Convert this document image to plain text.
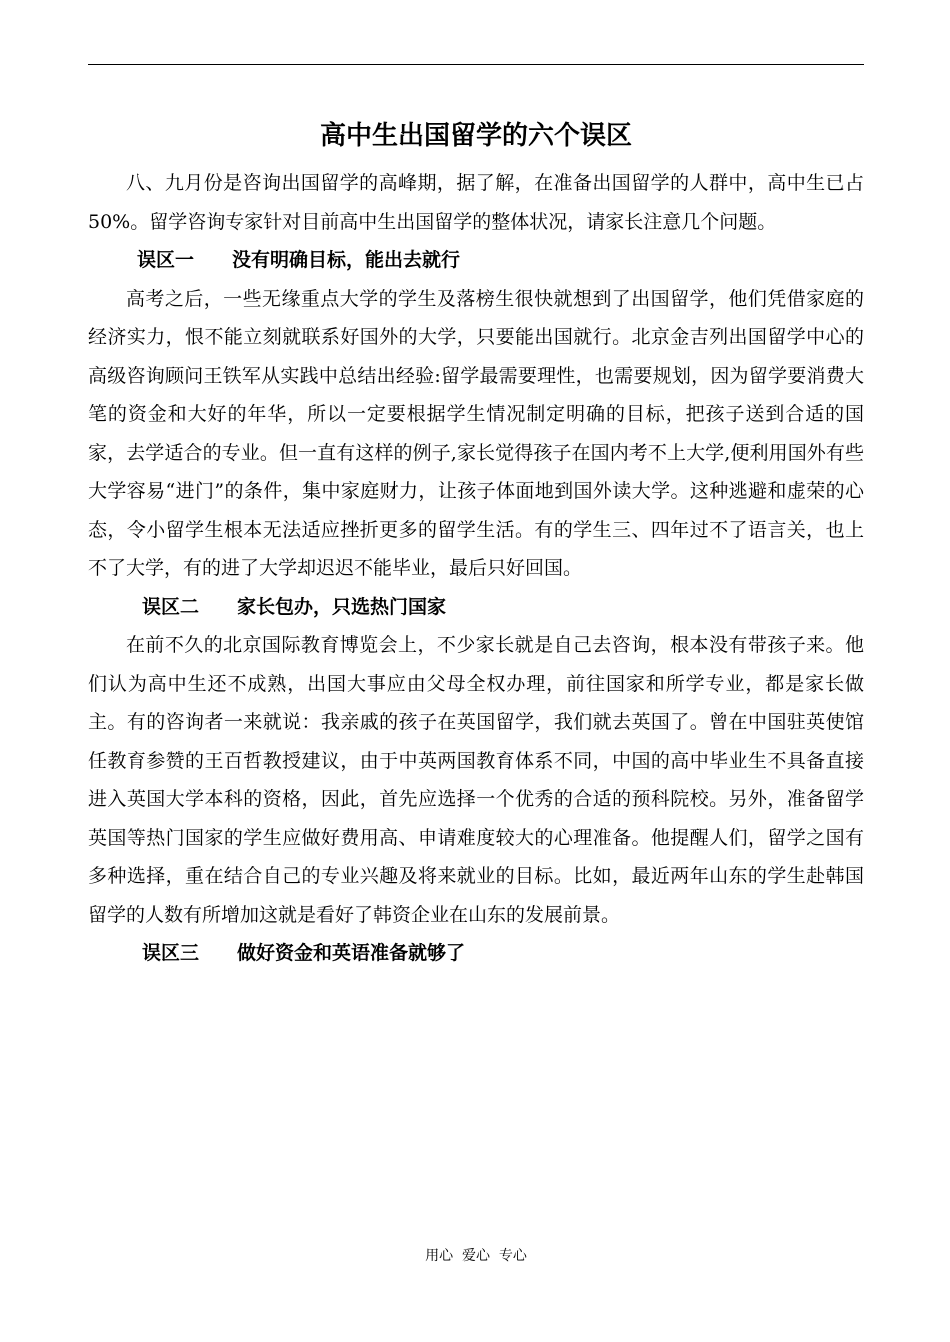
高中生出国留学的六个误区

八、九月份是咨询出国留学的高峰期，据了解，在准备出国留学的人群中，高中生已占50%。留学咨询专家针对目前高中生出国留学的整体状况，请家长注意几个问题。

误区一　　没有明确目标，能出去就行

高考之后，一些无缘重点大学的学生及落榜生很快就想到了出国留学，他们凭借家庭的经济实力，恨不能立刻就联系好国外的大学，只要能出国就行。北京金吉列出国留学中心的高级咨询顾问王铁军从实践中总结出经验:留学最需要理性，也需要规划，因为留学要消费大笔的资金和大好的年华，所以一定要根据学生情况制定明确的目标，把孩子送到合适的国家，去学适合的专业。但一直有这样的例子,家长觉得孩子在国内考不上大学,便利用国外有些大学容易“进门”的条件，集中家庭财力，让孩子体面地到国外读大学。这种逃避和虚荣的心态，令小留学生根本无法适应挫折更多的留学生活。有的学生三、四年过不了语言关，也上不了大学，有的进了大学却迟迟不能毕业，最后只好回国。

误区二　　家长包办，只选热门国家

在前不久的北京国际教育博览会上，不少家长就是自己去咨询，根本没有带孩子来。他们认为高中生还不成熟，出国大事应由父母全权办理，前往国家和所学专业，都是家长做主。有的咨询者一来就说：我亲戚的孩子在英国留学，我们就去英国了。曾在中国驻英使馆任教育参赞的王百哲教授建议，由于中英两国教育体系不同，中国的高中毕业生不具备直接进入英国大学本科的资格，因此，首先应选择一个优秀的合适的预科院校。另外，准备留学英国等热门国家的学生应做好费用高、申请难度较大的心理准备。他提醒人们，留学之国有多种选择，重在结合自己的专业兴趣及将来就业的目标。比如，最近两年山东的学生赴韩国留学的人数有所增加这就是看好了韩资企业在山东的发展前景。

误区三　　做好资金和英语准备就够了
用心  爱心  专心
